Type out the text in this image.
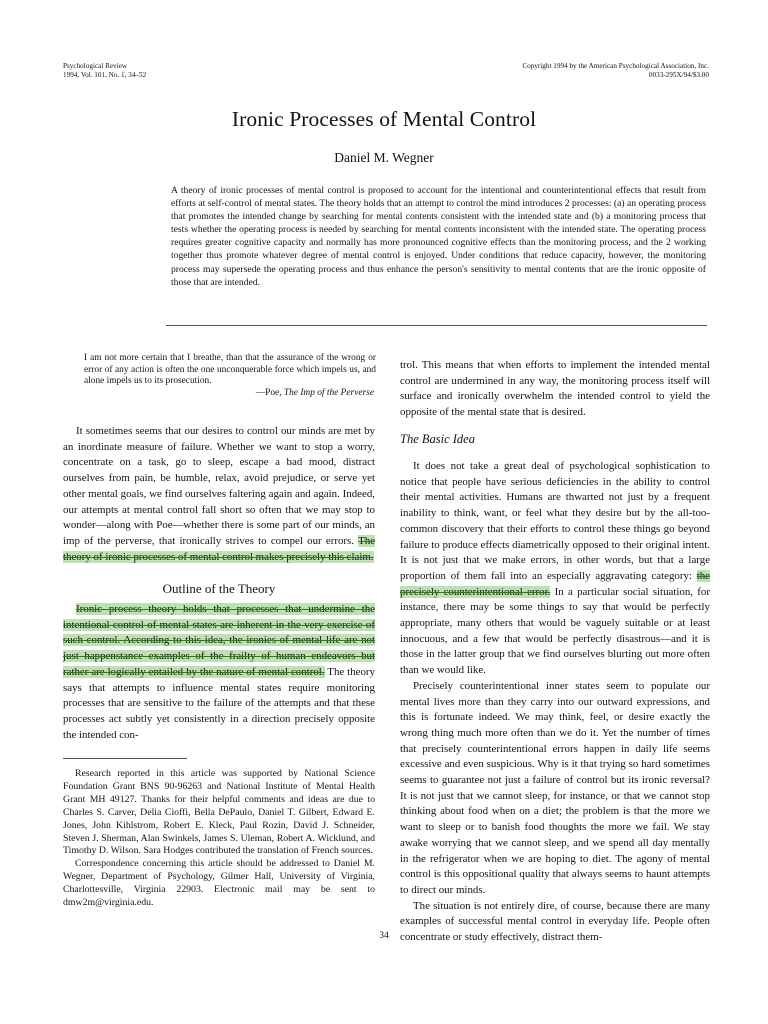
Psychological Review
1994, Vol. 101, No. 1, 34–52
Copyright 1994 by the American Psychological Association, Inc.
0033-295X/94/$3.00
Ironic Processes of Mental Control
Daniel M. Wegner

A theory of ironic processes of mental control is proposed to account for the intentional and counterintentional effects that result from efforts at self-control of mental states. The theory holds that an attempt to control the mind introduces 2 processes: (a) an operating process that promotes the intended change by searching for mental contents consistent with the intended state and (b) a monitoring process that tests whether the operating process is needed by searching for mental contents inconsistent with the intended state. The operating process requires greater cognitive capacity and normally has more pronounced cognitive effects than the monitoring process, and the 2 working together thus promote whatever degree of mental control is enjoyed. Under conditions that reduce capacity, however, the monitoring process may supersede the operating process and thus enhance the person's sensitivity to mental contents that are the ironic opposite of those that are intended.

I am not more certain that I breathe, than that the assurance of the wrong or error of any action is often the one unconquerable force which impels us, and alone impels us to its prosecution.
—Poe, The Imp of the Perverse

It sometimes seems that our desires to control our minds are met by an inordinate measure of failure. Whether we want to stop a worry, concentrate on a task, go to sleep, escape a bad mood, distract ourselves from pain, be humble, relax, avoid prejudice, or serve yet other mental goals, we find ourselves faltering again and again. Indeed, our attempts at mental control fall short so often that we may stop to wonder—along with Poe—whether there is some part of our minds, an imp of the perverse, that ironically strives to compel our errors. The theory of ironic processes of mental control makes precisely this claim.

Outline of the Theory

Ironic process theory holds that processes that undermine the intentional control of mental states are inherent in the very exercise of such control. According to this idea, the ironies of mental life are not just happenstance examples of the frailty of human endeavors but rather are logically entailed by the nature of mental control. The theory says that attempts to influence mental states require monitoring processes that are sensitive to the failure of the attempts and that these processes act subtly yet consistently in a direction precisely opposite the intended con-

Research reported in this article was supported by National Science Foundation Grant BNS 90-96263 and National Institute of Mental Health Grant MH 49127. Thanks for their helpful comments and ideas are due to Charles S. Carver, Delia Cioffi, Bella DePaulo, Daniel T. Gilbert, Edward E. Jones, John Kihlstrom, Robert E. Kleck, Paul Rozin, David J. Schneider, Steven J. Sherman, Alan Swinkels, James S. Uleman, Robert A. Wicklund, and Timothy D. Wilson. Sara Hodges contributed the translation of French sources.

Correspondence concerning this article should be addressed to Daniel M. Wegner, Department of Psychology, Gilmer Hall, University of Virginia, Charlottesville, Virginia 22903. Electronic mail may be sent to dmw2m@virginia.edu.

trol. This means that when efforts to implement the intended mental control are undermined in any way, the monitoring process itself will surface and ironically overwhelm the intended control to yield the opposite of the mental state that is desired.

The Basic Idea

It does not take a great deal of psychological sophistication to notice that people have serious deficiencies in the ability to control their mental activities. Humans are thwarted not just by a frequent inability to think, want, or feel what they desire but by the all-too-common discovery that their efforts to control these things go beyond failure to produce effects diametrically opposed to their original intent. It is not just that we make errors, in other words, but that a large proportion of them fall into an especially aggravating category: the precisely counterintentional error. In a particular social situation, for instance, there may be some things to say that would be perfectly appropriate, many others that would be vaguely suitable or at least innocuous, and a few that would be perfectly disastrous—and it is those in the latter group that we find ourselves blurting out more often than we would like.

Precisely counterintentional inner states seem to populate our mental lives more than they carry into our outward expressions, and this is fortunate indeed. We may think, feel, or desire exactly the wrong thing much more often than we do it. Yet the number of times that precisely counterintentional errors happen in daily life seems excessive and even suspicious. Why is it that trying so hard sometimes seems to guarantee not just a failure of control but its ironic reversal? It is not just that we cannot sleep, for instance, or that we cannot stop thinking about food when on a diet; the problem is that the more we want to sleep or to banish food thoughts the more we fail. We stay awake worrying that we cannot sleep, and we spend all day mentally in the refrigerator when we are hoping to diet. The agony of mental control is this oppositional quality that always seems to haunt attempts to direct our minds.

The situation is not entirely dire, of course, because there are many examples of successful mental control in everyday life. People often concentrate or study effectively, distract them-

34
